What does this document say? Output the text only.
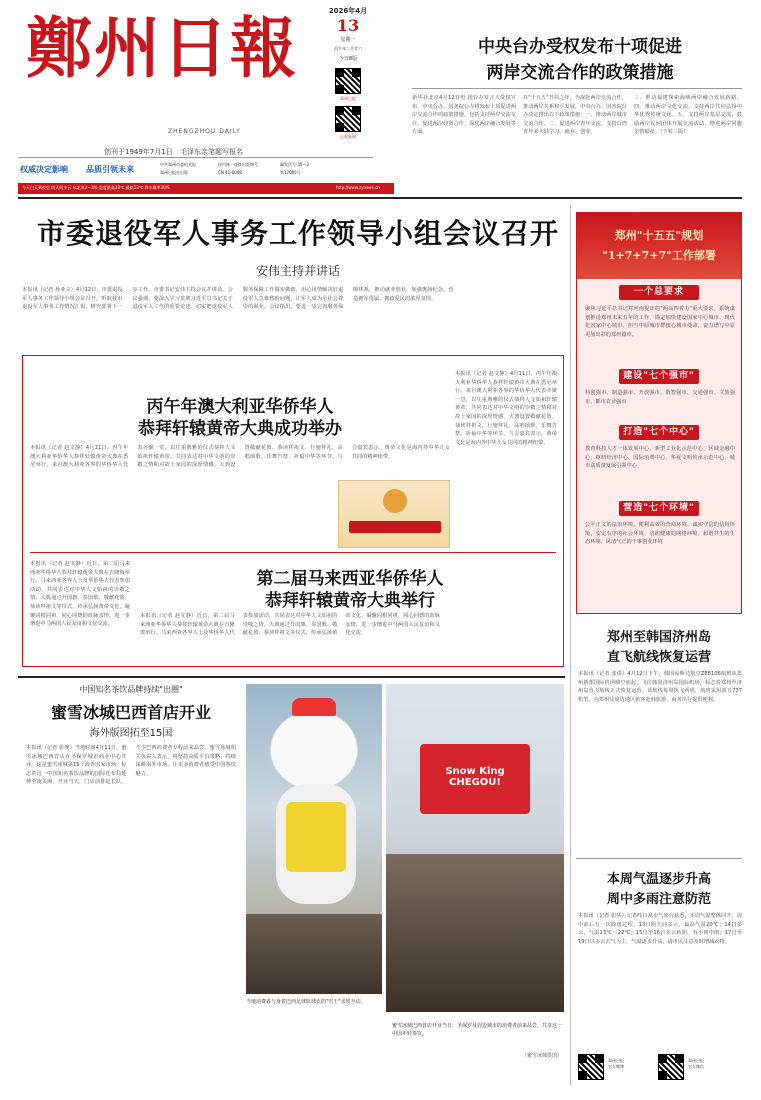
鄭州日報
ZHENGZHOU DAILY
创刊于1949年7月1日 毛泽东亲笔题写报名
2026年4月
13
星期一
丙午年二月廿六
今日8版
郑州日报
正观新闻
权威决定影响 品质引领未来
中共郑州市委机关报
郑州日报社出版
国内统一连续出版物号
CN 41-0048
邮发代号:35—3
第17005号
今天白天到夜里 阴天间多云 东北风2—3级 温度最高20℃ 最低13℃ 降水概率30%	http://www.zynews.cn
中央台办受权发布十项促进
两岸交流合作的政策措施
新华社北京4月12日电 国台办发言人受权宣布，中央台办、国务院台办将发布十项促进两岸交流合作的政策措施，包括支持两岸交流交往、促进两岸经贸合作、深化两岸融合发展等方面。
在"十五五"开局之年，为深化两岸交流合作，推动两岸关系和平发展，中央台办、国务院台办决定推出以下政策措施：一、推动两岸城市交流合作。二、促进两岸青年交流，支持台湾青年来大陆学习、就业、创业。
三、推动福建探索海峡两岸融合发展新路。四、推动两岸文化交流，支持两岸共同弘扬中华优秀传统文化。五、支持两岸基层交流，鼓励两岸民间团体开展交流活动，增进两岸同胞亲情福祉。（下转三版）
市委退役军人事务工作领导小组会议召开
安伟主持并讲话
本报讯（记者 孙亚文）4月12日，市委退役军人事务工作领导小组会议召开，听取我市退役军人事务工作情况汇报，研究部署下一步工作。市委书记安伟主持会议并讲话。会议强调，要深入学习贯彻习近平总书记关于退役军人工作的重要论述，切实把退役军人服务保障工作做实做细，用心用情解决好退役军人急难愁盼问题，让军人成为全社会尊崇的职业。会议指出，要进一步完善服务保障体系，推动就业创业，加强褒扬纪念，营造拥军优属、拥政爱民的浓厚氛围。
丙午年澳大利亚华侨华人
恭拜轩辕黄帝大典成功举办
本报讯（记者 赵文静）4月11日，丙午年澳大利亚华侨华人恭拜轩辕黄帝大典在悉尼举行。来自澳大利亚各界的华侨华人代表齐聚一堂，以庄重典雅的仪式恭拜人文始祖轩辕黄帝，共同表达对中华文明的崇敬之情和对故土家园的深厚情感。大典设置敬献花篮、恭读拜祖文、行施拜礼、高唱颂歌、乐舞告祭、祈福中华等环节。与会嘉宾表示，黄帝文化是海内外中华儿女共同的精神纽带。
本报讯（记者 赵文静）4月11日，丙午年澳大利亚华侨华人恭拜轩辕黄帝大典在悉尼举行。来自澳大利亚各界的华侨华人代表齐聚一堂，以庄重典雅的仪式恭拜人文始祖轩辕黄帝，共同表达对中华文明的崇敬之情和对故土家园的深厚情感。大典设置敬献花篮、恭读拜祖文、行施拜礼、高唱颂歌、乐舞告祭、祈福中华等环节。与会嘉宾表示，黄帝文化是海内外中华儿女共同的精神纽带。
第二届马来西亚华侨华人
恭拜轩辕黄帝大典举行
本报讯（记者 赵文静）近日，第二届马来西亚华侨华人恭拜轩辕黄帝大典在吉隆坡举行。马来西亚各界人士及华侨华人代表参加活动，共同表达对中华人文始祖的崇敬之情。大典通过升国旗、奏国歌、敬献花篮、恭读拜祖文等仪式，传承弘扬黄帝文化，凝聚同根同祖、同心同德的血脉亲情，进一步增进中马两国人民友谊和文化交流。
本报讯（记者 赵文静）近日，第二届马来西亚华侨华人恭拜轩辕黄帝大典在吉隆坡举行。马来西亚各界人士及华侨华人代表参加活动，共同表达对中华人文始祖的崇敬之情。大典通过升国旗、奏国歌、敬献花篮、恭读拜祖文等仪式，传承弘扬黄帝文化，凝聚同根同祖、同心同德的血脉亲情，进一步增进中马两国人民友谊和文化交流。
中国知名茶饮品牌持续"出圈"
蜜雪冰城巴西首店开业
海外版图拓至15国
本报讯（记者 张琬）当地时间4月11日，蜜雪冰城巴西首店在圣保罗城市商业中心开业。这是蜜雪冰城第15个海外国家市场，标志着这一中国知名茶饮品牌的国际化布局延伸至南美洲。开业当天，门店前排起长队，不少巴西消费者专程前来品尝。蜜雪冰城相关负责人表示，将坚持高质平价策略，持续深耕海外市场，让更多消费者感受中国茶饮魅力。
当地消费者与身着巴西足球队球衣的"雪王"亲密互动。
Snow King CHEGOU!
蜜雪冰城巴西首店开业当日，圣保罗及周边城市的消费者前来品尝，共享这一中国年轻茶饮。
（蜜雪冰城供图）
郑州"十五五"规划
"1+7+7+7"工作部署
一个总要求
聚焦习近平总书记对河南提出的"两高四着力"重大要求，系统谋划推进郑州未来五年的工作，锚定加快建设国家中心城市、现代化国家中心城市，担当中原城市群核心城市使命，奋力谱写中原更加出彩的郑州篇章。
建设"七个强市"
科创强市、制造强市、开放强市、数智强市、交通强市、文旅强市、都市农业强市
打造"七个中心"
教育科技人才一体发展中心、新型工业化示范中心、区域金融中心、枢纽经济中心、国际消费中心、华夏文明传承示范中心、城市高质量发展引领中心
营造"七个环境"
公平正义的法治环境、便利高效的营商环境、诚实守信的信用环境、安定有序的社会环境、清朗健康的网络环境、和谐共生的生态环境、风清气正的干事创业环境
郑州至韩国济州岛
直飞航线恢复运营
本报讯（记者 张倩）4月12日下午，韩国易斯达航空ZE8106航班从郑州新郑国际机场腾空而起，飞往韩国济州岛国际机场，标志着郑州至济州岛直飞航线正式恢复运营。该航线每周执飞两班，航班采用波音737机型，为郑州及周边地区旅客赴韩旅游、商务出行提供便利。
本周气温逐步升高
周中多雨注意防范
本报讯（记者 张华）记者昨日从市气象台获悉，本周气温整体回升，周中前后有一次降雨过程。13日阴天间多云，最高气温20℃；14日多云，气温13℃～22℃；15日至16日多云转阴，有小到中雨；17日至19日以多云天气为主，气温逐步升高，请市民注意及时增减衣物。
郑州日报
官方微博
郑州日报
官方微信
